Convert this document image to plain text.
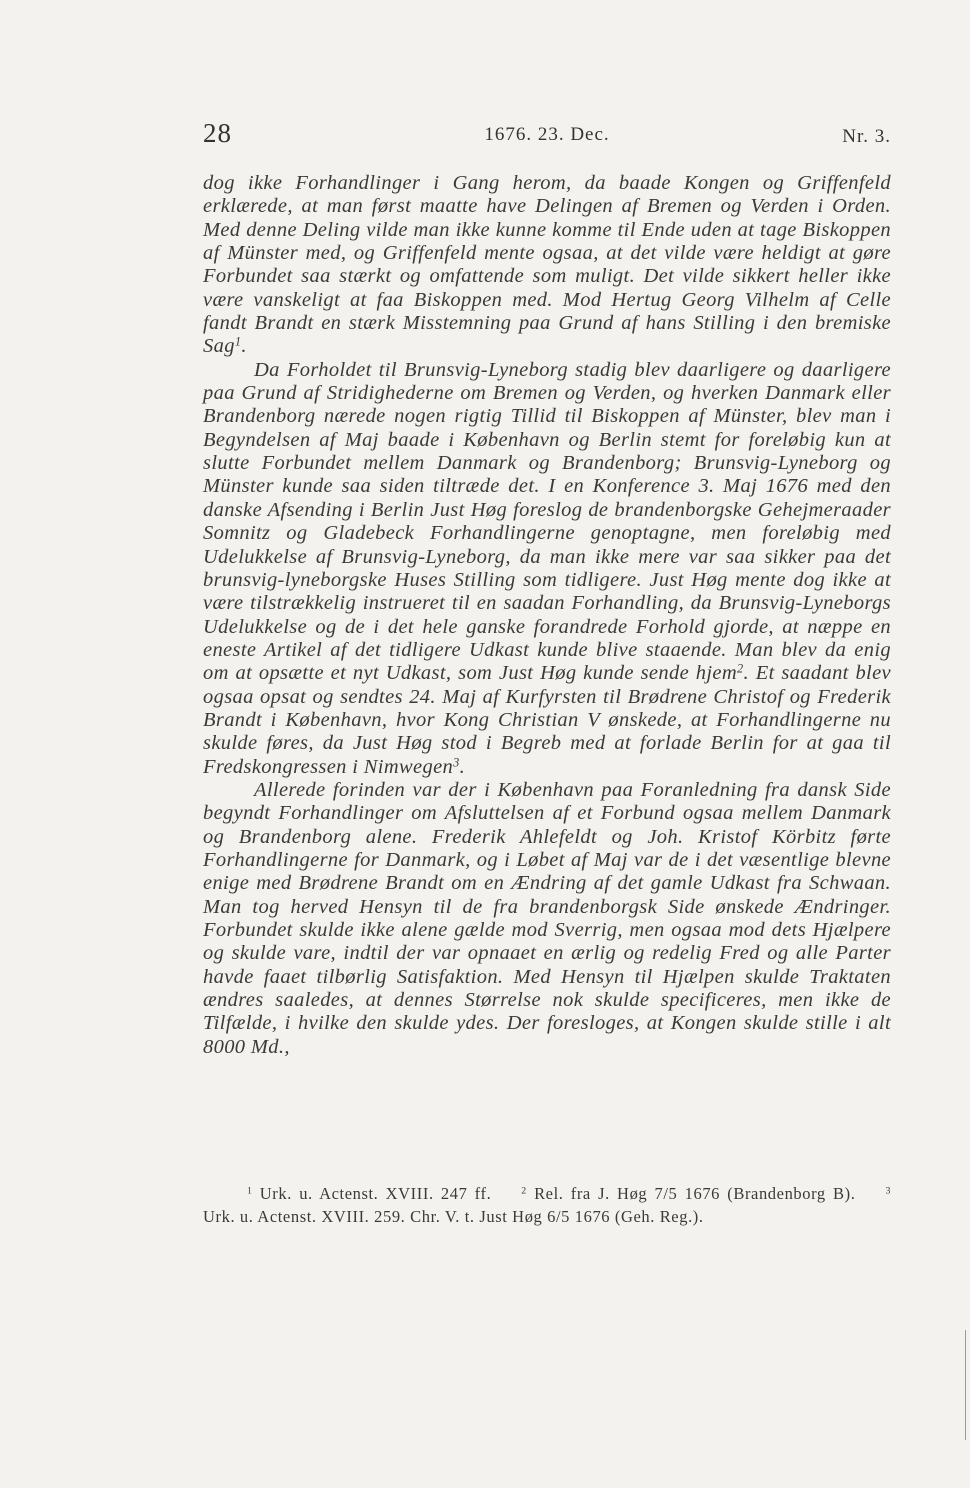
28	1676. 23. Dec.	Nr. 3.

dog ikke Forhandlinger i Gang herom, da baade Kongen og Griffenfeld erklærede, at man først maatte have Delingen af Bremen og Verden i Orden. Med denne Deling vilde man ikke kunne komme til Ende uden at tage Biskoppen af Münster med, og Griffenfeld mente ogsaa, at det vilde være heldigt at gøre Forbundet saa stærkt og omfattende som muligt. Det vilde sikkert heller ikke være vanskeligt at faa Biskoppen med. Mod Hertug Georg Vilhelm af Celle fandt Brandt en stærk Misstemning paa Grund af hans Stilling i den bremiske Sag$^1$.

Da Forholdet til Brunsvig-Lyneborg stadig blev daarligere og daarligere paa Grund af Stridighederne om Bremen og Verden, og hverken Danmark eller Brandenborg nærede nogen rigtig Tillid til Biskoppen af Münster, blev man i Begyndelsen af Maj baade i København og Berlin stemt for foreløbig kun at slutte Forbundet mellem Danmark og Brandenborg; Brunsvig-Lyneborg og Münster kunde saa siden tiltræde det. I en Konference 3. Maj 1676 med den danske Afsending i Berlin Just Høg foreslog de brandenborgske Gehejmeraader Somnitz og Gladebeck Forhandlingerne genoptagne, men foreløbig med Udelukkelse af Brunsvig-Lyneborg, da man ikke mere var saa sikker paa det brunsvig-lyneborgske Huses Stilling som tidligere. Just Høg mente dog ikke at være tilstrækkelig instrueret til en saadan Forhandling, da Brunsvig-Lyneborgs Udelukkelse og de i det hele ganske forandrede Forhold gjorde, at næppe en eneste Artikel af det tidligere Udkast kunde blive staaende. Man blev da enig om at opsætte et nyt Udkast, som Just Høg kunde sende hjem$^2$. Et saadant blev ogsaa opsat og sendtes 24. Maj af Kurfyrsten til Brødrene Christof og Frederik Brandt i København, hvor Kong Christian V ønskede, at Forhandlingerne nu skulde føres, da Just Høg stod i Begreb med at forlade Berlin for at gaa til Fredskongressen i Nimwegen$^3$.

Allerede forinden var der i København paa Foranledning fra dansk Side begyndt Forhandlinger om Afsluttelsen af et Forbund ogsaa mellem Danmark og Brandenborg alene. Frederik Ahlefeldt og Joh. Kristof Körbitz førte Forhandlingerne for Danmark, og i Løbet af Maj var de i det væsentlige blevne enige med Brødrene Brandt om en Ændring af det gamle Udkast fra Schwaan. Man tog herved Hensyn til de fra brandenborgsk Side ønskede Ændringer. Forbundet skulde ikke alene gælde mod Sverrig, men ogsaa mod dets Hjælpere og skulde vare, indtil der var opnaaet en ærlig og redelig Fred og alle Parter havde faaet tilbørlig Satisfaktion. Med Hensyn til Hjælpen skulde Traktaten ændres saaledes, at dennes Størrelse nok skulde specificeres, men ikke de Tilfælde, i hvilke den skulde ydes. Der foresloges, at Kongen skulde stille i alt 8000 Md.,

$^1$ Urk. u. Actenst. XVIII. 247 ff.	$^2$ Rel. fra J. Høg 7/5 1676 (Brandenborg B).	$^3$ Urk. u. Actenst. XVIII. 259. Chr. V. t. Just Høg 6/5 1676 (Geh. Reg.).
